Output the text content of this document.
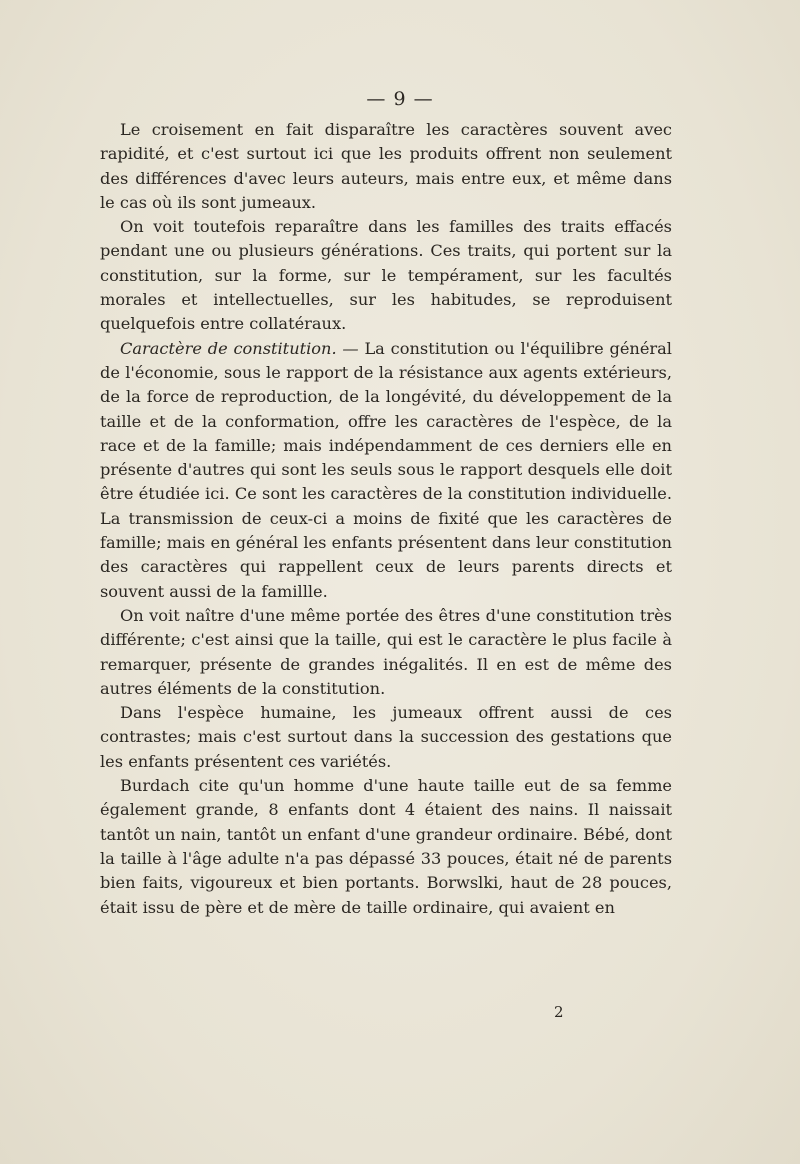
— 9 —

Le croisement en fait disparaître les caractères souvent avec rapidité, et c'est surtout ici que les produits offrent non seulement des différences d'avec leurs auteurs, mais entre eux, et même dans le cas où ils sont jumeaux.

On voit toutefois reparaître dans les familles des traits effacés pendant une ou plusieurs générations. Ces traits, qui portent sur la constitution, sur la forme, sur le tempérament, sur les facultés morales et intellectuelles, sur les habitudes, se reproduisent quelquefois entre collatéraux.

Caractère de constitution. — La constitution ou l'équilibre général de l'économie, sous le rapport de la résistance aux agents extérieurs, de la force de reproduction, de la longévité, du développement de la taille et de la conformation, offre les caractères de l'espèce, de la race et de la famille; mais indépendamment de ces derniers elle en présente d'autres qui sont les seuls sous le rapport desquels elle doit être étudiée ici. Ce sont les caractères de la constitution individuelle. La transmission de ceux-ci a moins de fixité que les caractères de famille; mais en général les enfants présentent dans leur constitution des caractères qui rappellent ceux de leurs parents directs et souvent aussi de la famillle.

On voit naître d'une même portée des êtres d'une constitution très différente; c'est ainsi que la taille, qui est le caractère le plus facile à remarquer, présente de grandes inégalités. Il en est de même des autres éléments de la constitution.

Dans l'espèce humaine, les jumeaux offrent aussi de ces contrastes; mais c'est surtout dans la succession des gestations que les enfants présentent ces variétés.

Burdach cite qu'un homme d'une haute taille eut de sa femme également grande, 8 enfants dont 4 étaient des nains. Il naissait tantôt un nain, tantôt un enfant d'une grandeur ordinaire. Bébé, dont la taille à l'âge adulte n'a pas dépassé 33 pouces, était né de parents bien faits, vigoureux et bien portants. Borwslki, haut de 28 pouces, était issu de père et de mère de taille ordinaire, qui avaient en

2
